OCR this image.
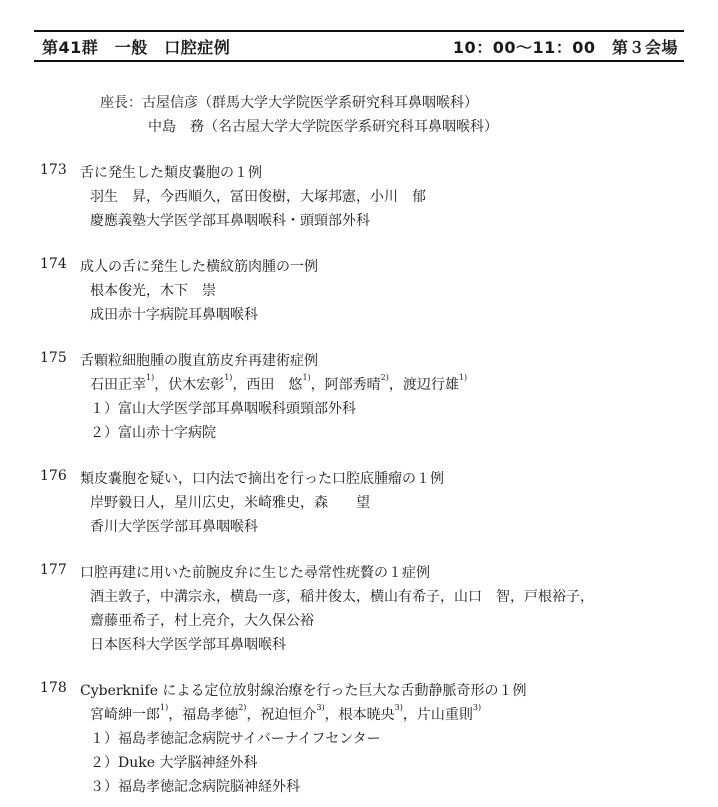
第41群　一般　口腔症例	10：00〜11：00　第３会場
座長：古屋信彦（群馬大学大学院医学系研究科耳鼻咽喉科）
中島　務（名古屋大学大学院医学系研究科耳鼻咽喉科）
173 舌に発生した類皮嚢胞の１例
羽生　昇，今西順久，冨田俊樹，大塚邦憲，小川　郁
慶應義塾大学医学部耳鼻咽喉科・頭頸部外科
174 成人の舌に発生した横紋筋肉腫の一例
根本俊光，木下　崇
成田赤十字病院耳鼻咽喉科
175 舌顆粒細胞腫の腹直筋皮弁再建術症例
石田正幸$^{1)}$，伏木宏彰$^{1)}$，西田　悠$^{1)}$，阿部秀晴$^{2)}$，渡辺行雄$^{1)}$
１）富山大学医学部耳鼻咽喉科頭頸部外科
２）富山赤十字病院
176 類皮嚢胞を疑い，口内法で摘出を行った口腔底腫瘤の１例
岸野毅日人，星川広史，米崎雅史，森　　望
香川大学医学部耳鼻咽喉科
177 口腔再建に用いた前腕皮弁に生じた尋常性疣贅の１症例
酒主敦子，中溝宗永，横島一彦，稲井俊太，横山有希子，山口　智，戸根裕子，
齋藤亜希子，村上亮介，大久保公裕
日本医科大学医学部耳鼻咽喉科
178 Cyberknife による定位放射線治療を行った巨大な舌動静脈奇形の１例
宮崎紳一郎$^{1)}$，福島孝徳$^{2)}$，祝迫恒介$^{3)}$，根本暁央$^{3)}$，片山重則$^{3)}$
１）福島孝徳記念病院サイバーナイフセンター
２）Duke 大学脳神経外科
３）福島孝徳記念病院脳神経外科
